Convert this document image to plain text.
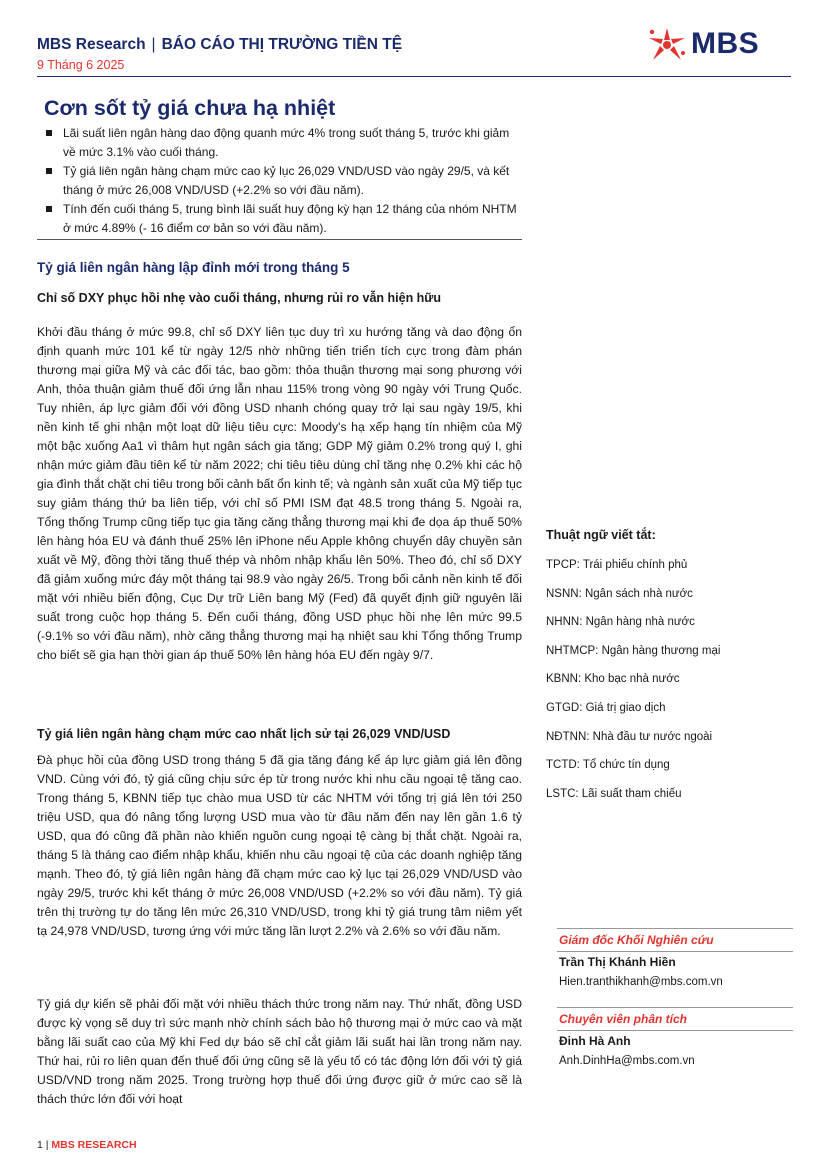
MBS Research | BÁO CÁO THỊ TRƯỜNG TIỀN TỆ
9 Tháng 6 2025
MBS
Cơn sốt tỷ giá chưa hạ nhiệt
Lãi suất liên ngân hàng dao động quanh mức 4% trong suốt tháng 5, trước khi giảm về mức 3.1% vào cuối tháng.
Tỷ giá liên ngân hàng chạm mức cao kỷ lục 26,029 VND/USD vào ngày 29/5, và kết tháng ở mức 26,008 VND/USD (+2.2% so với đầu năm).
Tính đến cuối tháng 5, trung bình lãi suất huy động kỳ hạn 12 tháng của nhóm NHTM ở mức 4.89% (- 16 điểm cơ bản so với đầu năm).
Tỷ giá liên ngân hàng lập đỉnh mới trong tháng 5
Chỉ số DXY phục hồi nhẹ vào cuối tháng, nhưng rủi ro vẫn hiện hữu

Khởi đầu tháng ở mức 99.8, chỉ số DXY liên tục duy trì xu hướng tăng và dao động ổn định quanh mức 101 kể từ ngày 12/5 nhờ những tiến triển tích cực trong đàm phán thương mại giữa Mỹ và các đối tác, bao gồm: thỏa thuận thương mại song phương với Anh, thỏa thuận giảm thuế đối ứng lẫn nhau 115% trong vòng 90 ngày với Trung Quốc. Tuy nhiên, áp lực giảm đối với đồng USD nhanh chóng quay trở lại sau ngày 19/5, khi nền kinh tế ghi nhận một loạt dữ liệu tiêu cực: Moody's hạ xếp hạng tín nhiệm của Mỹ một bậc xuống Aa1 vì thâm hụt ngân sách gia tăng; GDP Mỹ giảm 0.2% trong quý I, ghi nhận mức giảm đầu tiên kể từ năm 2022; chi tiêu tiêu dùng chỉ tăng nhẹ 0.2% khi các hộ gia đình thắt chặt chi tiêu trong bối cảnh bất ổn kinh tế; và ngành sản xuất của Mỹ tiếp tục suy giảm tháng thứ ba liên tiếp, với chỉ số PMI ISM đạt 48.5 trong tháng 5. Ngoài ra, Tổng thống Trump cũng tiếp tục gia tăng căng thẳng thương mại khi đe dọa áp thuế 50% lên hàng hóa EU và đánh thuế 25% lên iPhone nếu Apple không chuyển dây chuyền sản xuất về Mỹ, đồng thời tăng thuế thép và nhôm nhập khẩu lên 50%. Theo đó, chỉ số DXY đã giảm xuống mức đáy một tháng tại 98.9 vào ngày 26/5. Trong bối cảnh nền kinh tế đối mặt với nhiều biến động, Cục Dự trữ Liên bang Mỹ (Fed) đã quyết định giữ nguyên lãi suất trong cuộc họp tháng 5. Đến cuối tháng, đồng USD phục hồi nhẹ lên mức 99.5 (-9.1% so với đầu năm), nhờ căng thẳng thương mại hạ nhiệt sau khi Tổng thống Trump cho biết sẽ gia hạn thời gian áp thuế 50% lên hàng hóa EU đến ngày 9/7.

Tỷ giá liên ngân hàng chạm mức cao nhất lịch sử tại 26,029 VND/USD

Đà phục hồi của đồng USD trong tháng 5 đã gia tăng đáng kể áp lực giảm giá lên đồng VND. Cùng với đó, tỷ giá cũng chịu sức ép từ trong nước khi nhu cầu ngoại tệ tăng cao. Trong tháng 5, KBNN tiếp tục chào mua USD từ các NHTM với tổng trị giá lên tới 250 triệu USD, qua đó nâng tổng lượng USD mua vào từ đầu năm đến nay lên gần 1.6 tỷ USD, qua đó cũng đã phần nào khiến nguồn cung ngoại tệ càng bị thắt chặt. Ngoài ra, tháng 5 là tháng cao điểm nhập khẩu, khiến nhu cầu ngoại tệ của các doanh nghiệp tăng mạnh. Theo đó, tỷ giá liên ngân hàng đã chạm mức cao kỷ lục tại 26,029 VND/USD vào ngày 29/5, trước khi kết tháng ở mức 26,008 VND/USD (+2.2% so với đầu năm). Tỷ giá trên thị trường tự do tăng lên mức 26,310 VND/USD, trong khi tỷ giá trung tâm niêm yết tạ 24,978 VND/USD, tương ứng với mức tăng lần lượt 2.2% và 2.6% so với đầu năm.

Tỷ giá dự kiến sẽ phải đối mặt với nhiều thách thức trong năm nay. Thứ nhất, đồng USD được kỳ vọng sẽ duy trì sức mạnh nhờ chính sách bảo hộ thương mại ở mức cao và mặt bằng lãi suất cao của Mỹ khi Fed dự báo sẽ chỉ cắt giảm lãi suất hai lần trong năm nay. Thứ hai, rủi ro liên quan đến thuế đối ứng cũng sẽ là yếu tố có tác động lớn đối với tỷ giá USD/VND trong năm 2025. Trong trường hợp thuế đối ứng được giữ ở mức cao sẽ là thách thức lớn đối với hoạt

Thuật ngữ viết tắt:
TPCP: Trái phiếu chính phủ
NSNN: Ngân sách nhà nước
NHNN: Ngân hàng nhà nước
NHTMCP: Ngân hàng thương mại
KBNN: Kho bạc nhà nước
GTGD: Giá trị giao dịch
NĐTNN: Nhà đầu tư nước ngoài
TCTD: Tổ chức tín dụng
LSTC: Lãi suất tham chiếu
Giám đốc Khối Nghiên cứu
Trần Thị Khánh Hiền
Hien.tranthikhanh@mbs.com.vn
Chuyên viên phân tích
Đinh Hà Anh
Anh.DinhHa@mbs.com.vn
1 | MBS RESEARCH
